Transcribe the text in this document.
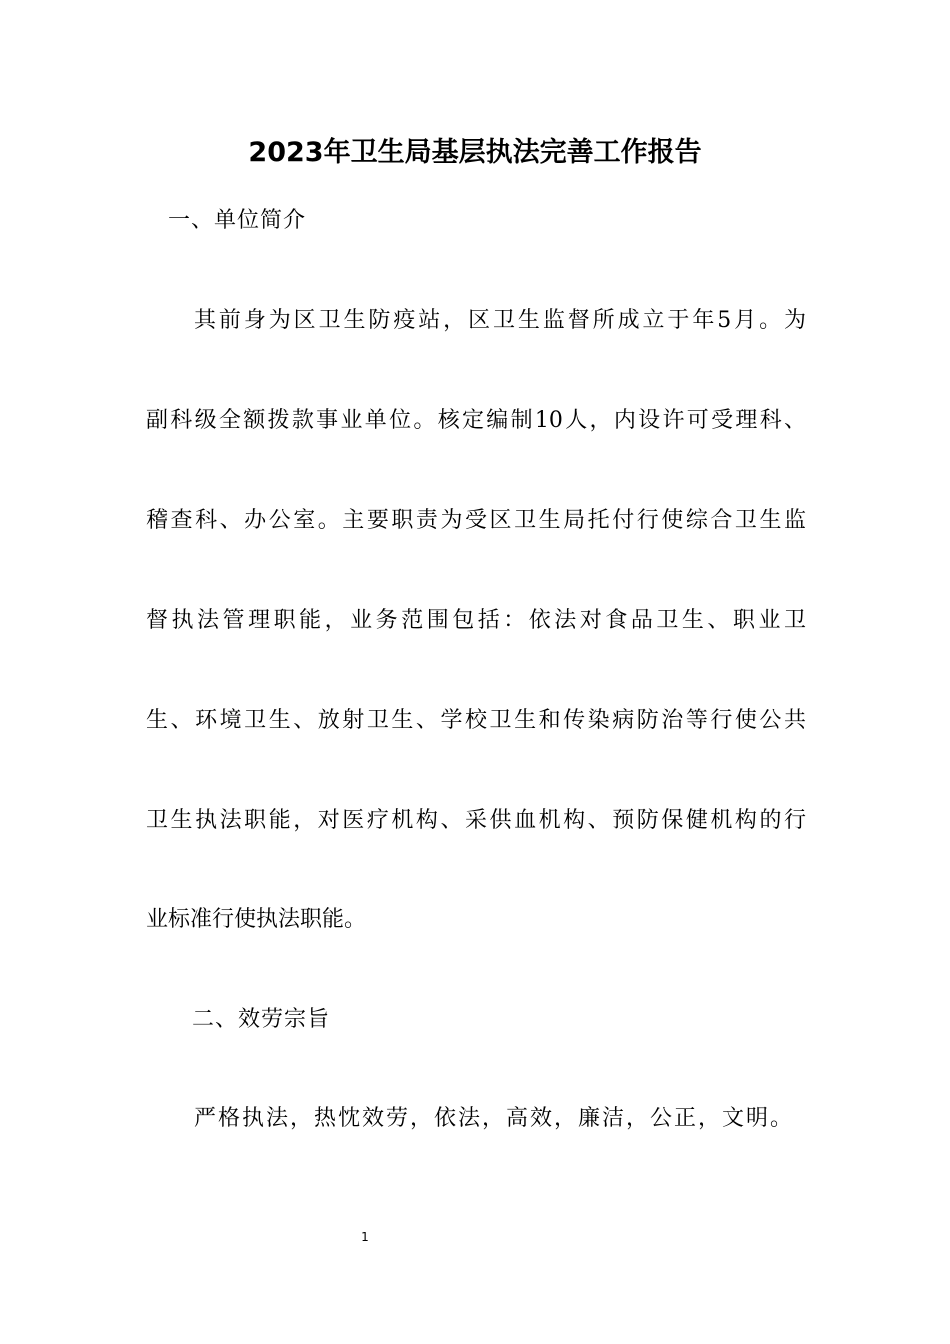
2023年卫生局基层执法完善工作报告

一、单位简介

其前身为区卫生防疫站，区卫生监督所成立于年5月。为

副科级全额拨款事业单位。核定编制10人，内设许可受理科、

稽查科、办公室。主要职责为受区卫生局托付行使综合卫生监

督执法管理职能，业务范围包括：依法对食品卫生、职业卫

生、环境卫生、放射卫生、学校卫生和传染病防治等行使公共

卫生执法职能，对医疗机构、采供血机构、预防保健机构的行

业标准行使执法职能。

二、效劳宗旨

严格执法，热忱效劳，依法，高效，廉洁，公正，文明。

1
